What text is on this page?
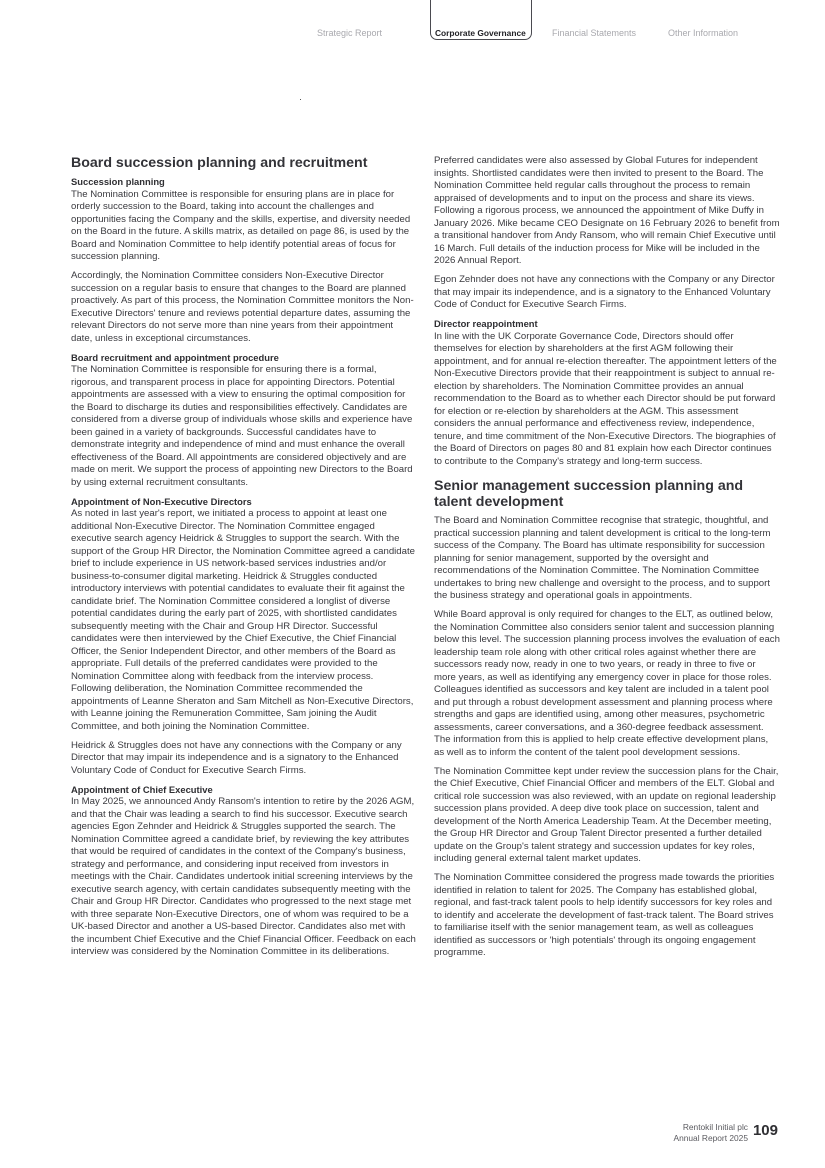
Strategic Report	Corporate Governance	Financial Statements	Other Information
Board succession planning and recruitment
Succession planning

The Nomination Committee is responsible for ensuring plans are in place for orderly succession to the Board, taking into account the challenges and opportunities facing the Company and the skills, expertise, and diversity needed on the Board in the future. A skills matrix, as detailed on page 86, is used by the Board and Nomination Committee to help identify potential areas of focus for succession planning.

Accordingly, the Nomination Committee considers Non-Executive Director succession on a regular basis to ensure that changes to the Board are planned proactively. As part of this process, the Nomination Committee monitors the Non-Executive Directors' tenure and reviews potential departure dates, assuming the relevant Directors do not serve more than nine years from their appointment date, unless in exceptional circumstances.

Board recruitment and appointment procedure

The Nomination Committee is responsible for ensuring there is a formal, rigorous, and transparent process in place for appointing Directors. Potential appointments are assessed with a view to ensuring the optimal composition for the Board to discharge its duties and responsibilities effectively. Candidates are considered from a diverse group of individuals whose skills and experience have been gained in a variety of backgrounds. Successful candidates have to demonstrate integrity and independence of mind and must enhance the overall effectiveness of the Board. All appointments are considered objectively and are made on merit. We support the process of appointing new Directors to the Board by using external recruitment consultants.

Appointment of Non-Executive Directors

As noted in last year's report, we initiated a process to appoint at least one additional Non-Executive Director. The Nomination Committee engaged executive search agency Heidrick & Struggles to support the search. With the support of the Group HR Director, the Nomination Committee agreed a candidate brief to include experience in US network-based services industries and/or business-to-consumer digital marketing. Heidrick & Struggles conducted introductory interviews with potential candidates to evaluate their fit against the candidate brief. The Nomination Committee considered a longlist of diverse potential candidates during the early part of 2025, with shortlisted candidates subsequently meeting with the Chair and Group HR Director. Successful candidates were then interviewed by the Chief Executive, the Chief Financial Officer, the Senior Independent Director, and other members of the Board as appropriate. Full details of the preferred candidates were provided to the Nomination Committee along with feedback from the interview process. Following deliberation, the Nomination Committee recommended the appointments of Leanne Sheraton and Sam Mitchell as Non-Executive Directors, with Leanne joining the Remuneration Committee, Sam joining the Audit Committee, and both joining the Nomination Committee.

Heidrick & Struggles does not have any connections with the Company or any Director that may impair its independence and is a signatory to the Enhanced Voluntary Code of Conduct for Executive Search Firms.

Appointment of Chief Executive

In May 2025, we announced Andy Ransom's intention to retire by the 2026 AGM, and that the Chair was leading a search to find his successor. Executive search agencies Egon Zehnder and Heidrick & Struggles supported the search. The Nomination Committee agreed a candidate brief, by reviewing the key attributes that would be required of candidates in the context of the Company's business, strategy and performance, and considering input received from investors in meetings with the Chair. Candidates undertook initial screening interviews by the executive search agency, with certain candidates subsequently meeting with the Chair and Group HR Director. Candidates who progressed to the next stage met with three separate Non-Executive Directors, one of whom was required to be a UK-based Director and another a US-based Director. Candidates also met with the incumbent Chief Executive and the Chief Financial Officer. Feedback on each interview was considered by the Nomination Committee in its deliberations.

Preferred candidates were also assessed by Global Futures for independent insights. Shortlisted candidates were then invited to present to the Board. The Nomination Committee held regular calls throughout the process to remain appraised of developments and to input on the process and share its views. Following a rigorous process, we announced the appointment of Mike Duffy in January 2026. Mike became CEO Designate on 16 February 2026 to benefit from a transitional handover from Andy Ransom, who will remain Chief Executive until 16 March. Full details of the induction process for Mike will be included in the 2026 Annual Report.

Egon Zehnder does not have any connections with the Company or any Director that may impair its independence, and is a signatory to the Enhanced Voluntary Code of Conduct for Executive Search Firms.

Director reappointment

In line with the UK Corporate Governance Code, Directors should offer themselves for election by shareholders at the first AGM following their appointment, and for annual re-election thereafter. The appointment letters of the Non-Executive Directors provide that their reappointment is subject to annual re-election by shareholders. The Nomination Committee provides an annual recommendation to the Board as to whether each Director should be put forward for election or re-election by shareholders at the AGM. This assessment considers the annual performance and effectiveness review, independence, tenure, and time commitment of the Non-Executive Directors. The biographies of the Board of Directors on pages 80 and 81 explain how each Director continues to contribute to the Company's strategy and long-term success.

Senior management succession planning and talent development

The Board and Nomination Committee recognise that strategic, thoughtful, and practical succession planning and talent development is critical to the long-term success of the Company. The Board has ultimate responsibility for succession planning for senior management, supported by the oversight and recommendations of the Nomination Committee. The Nomination Committee undertakes to bring new challenge and oversight to the process, and to support the business strategy and operational goals in appointments.

While Board approval is only required for changes to the ELT, as outlined below, the Nomination Committee also considers senior talent and succession planning below this level. The succession planning process involves the evaluation of each leadership team role along with other critical roles against whether there are successors ready now, ready in one to two years, or ready in three to five or more years, as well as identifying any emergency cover in place for those roles. Colleagues identified as successors and key talent are included in a talent pool and put through a robust development assessment and planning process where strengths and gaps are identified using, among other measures, psychometric assessments, career conversations, and a 360-degree feedback assessment. The information from this is applied to help create effective development plans, as well as to inform the content of the talent pool development sessions.

The Nomination Committee kept under review the succession plans for the Chair, the Chief Executive, Chief Financial Officer and members of the ELT. Global and critical role succession was also reviewed, with an update on regional leadership succession plans provided. A deep dive took place on succession, talent and development of the North America Leadership Team. At the December meeting, the Group HR Director and Group Talent Director presented a further detailed update on the Group's talent strategy and succession updates for key roles, including general external talent market updates.

The Nomination Committee considered the progress made towards the priorities identified in relation to talent for 2025. The Company has established global, regional, and fast-track talent pools to help identify successors for key roles and to identify and accelerate the development of fast-track talent. The Board strives to familiarise itself with the senior management team, as well as colleagues identified as successors or 'high potentials' through its ongoing engagement programme.

Rentokil Initial plc
Annual Report 2025 109
